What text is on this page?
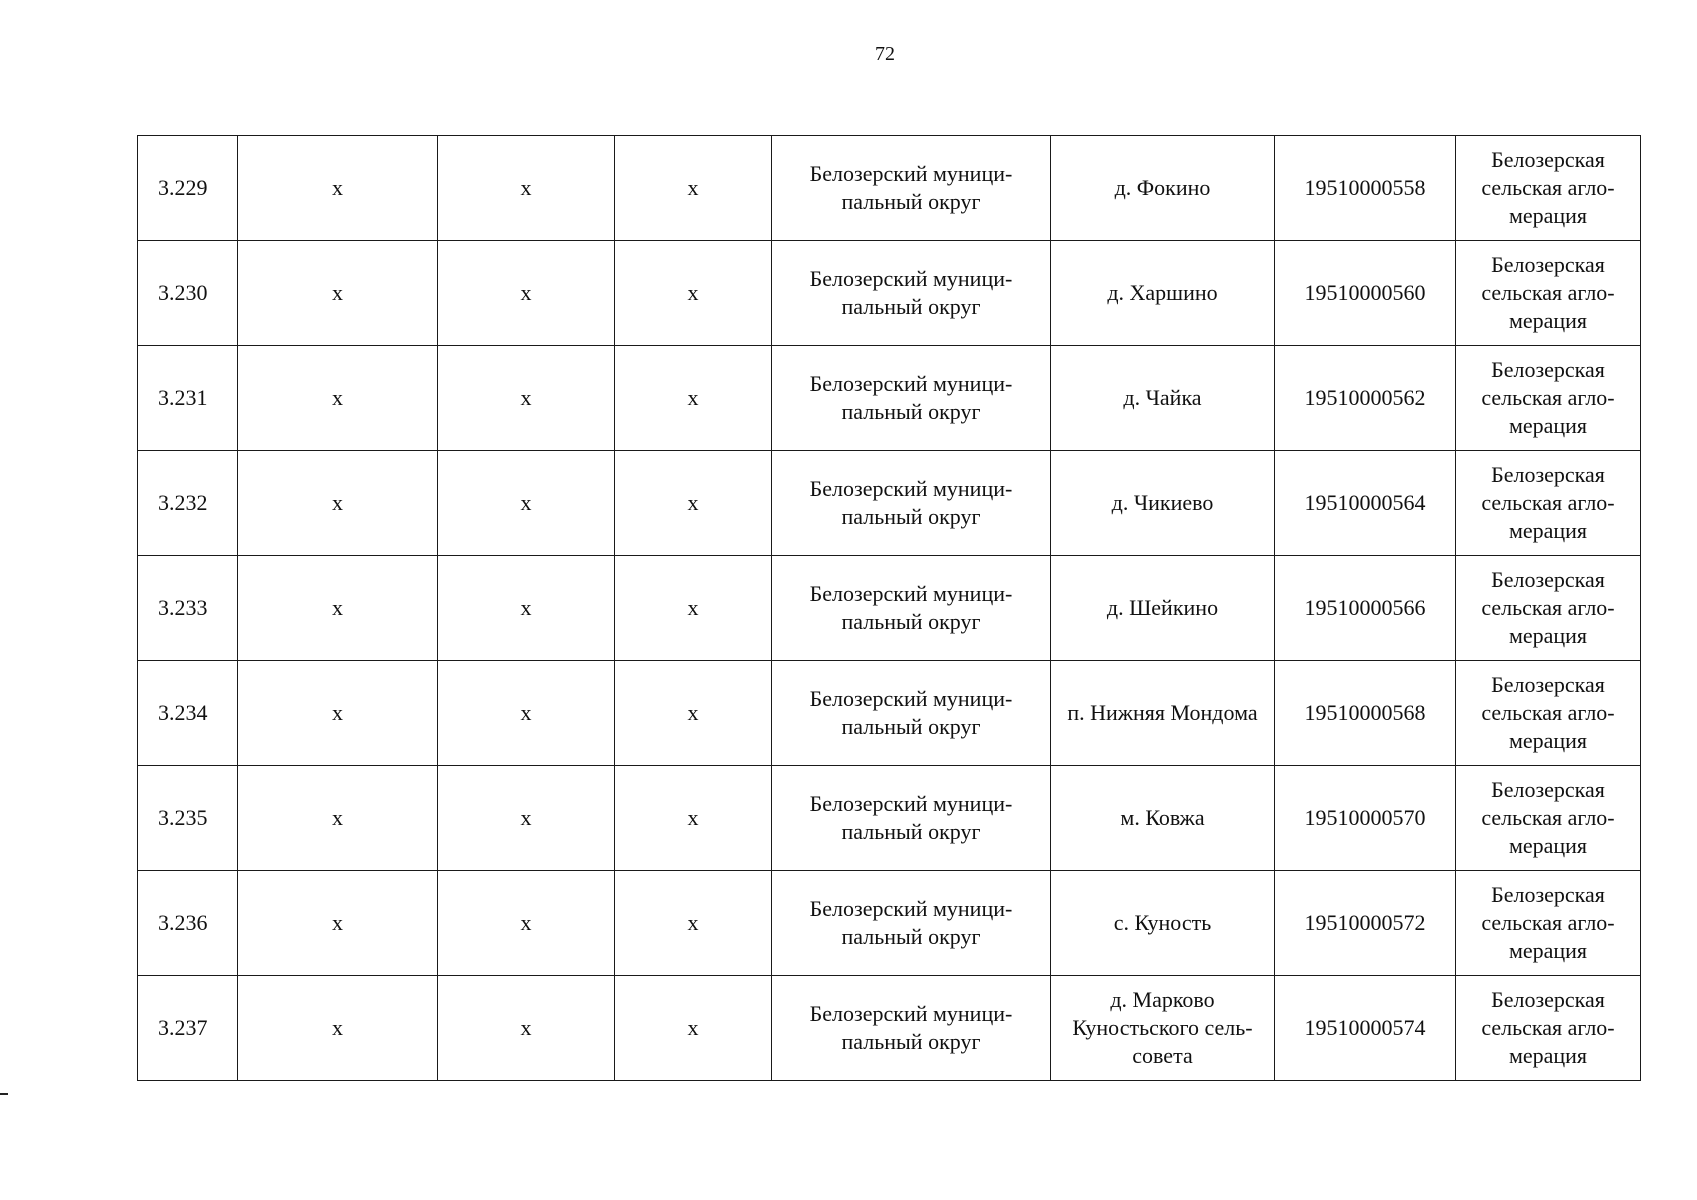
72
3.229	x	x	x	Белозерский муници-пальный округ	д. Фокино	19510000558	Белозерская сельская агло-мерация
3.230	x	x	x	Белозерский муници-пальный округ	д. Харшино	19510000560	Белозерская сельская агло-мерация
3.231	x	x	x	Белозерский муници-пальный округ	д. Чайка	19510000562	Белозерская сельская агло-мерация
3.232	x	x	x	Белозерский муници-пальный округ	д. Чикиево	19510000564	Белозерская сельская агло-мерация
3.233	x	x	x	Белозерский муници-пальный округ	д. Шейкино	19510000566	Белозерская сельская агло-мерация
3.234	x	x	x	Белозерский муници-пальный округ	п. Нижняя Мондома	19510000568	Белозерская сельская агло-мерация
3.235	x	x	x	Белозерский муници-пальный округ	м. Ковжа	19510000570	Белозерская сельская агло-мерация
3.236	x	x	x	Белозерский муници-пальный округ	с. Куность	19510000572	Белозерская сельская агло-мерация
3.237	x	x	x	Белозерский муници-пальный округ	д. Марково Куностьского сель-совета	19510000574	Белозерская сельская агло-мерация
